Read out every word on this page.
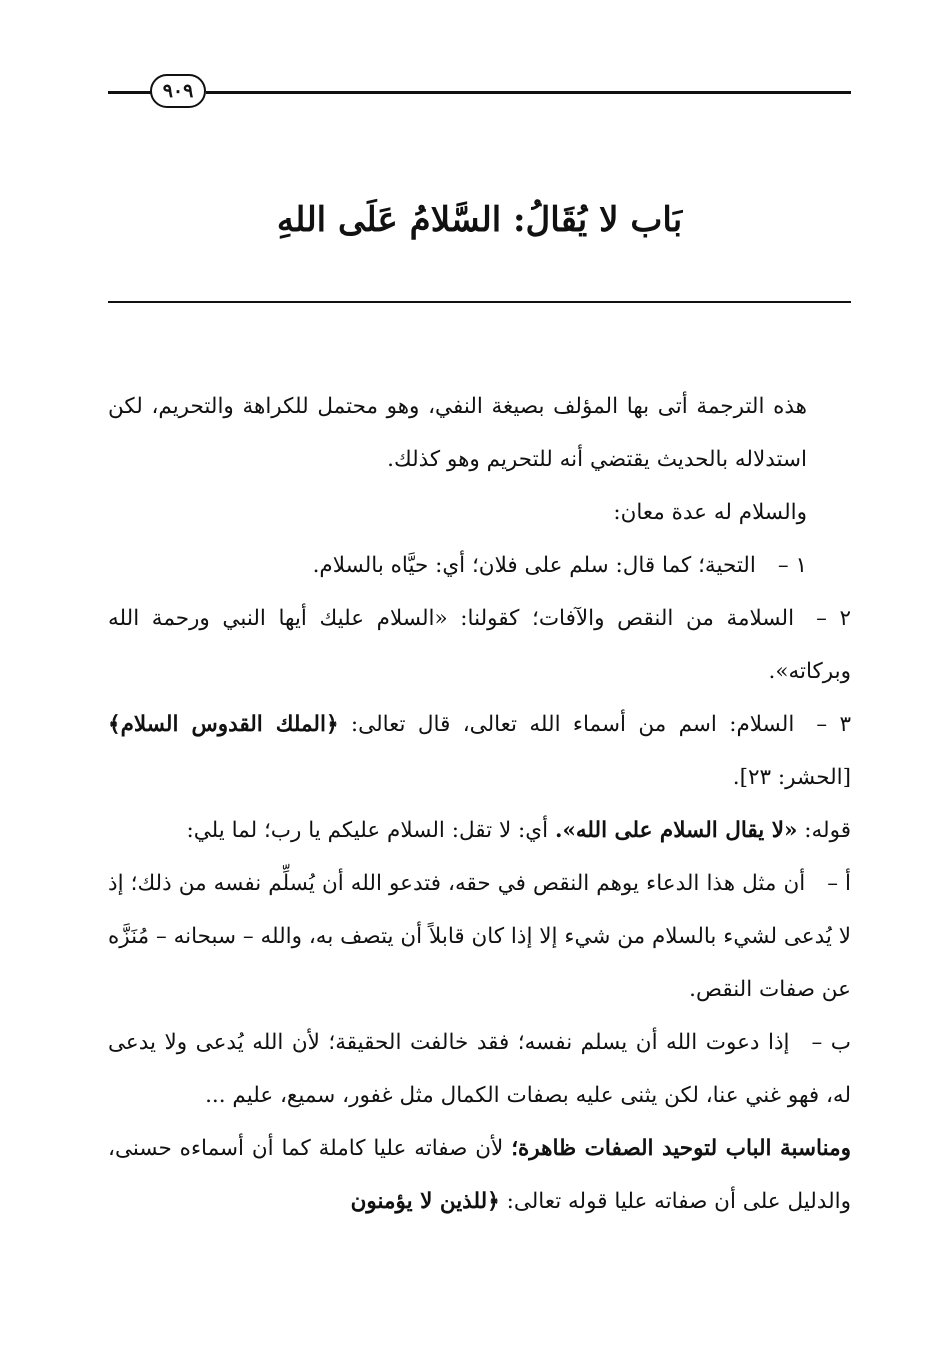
٩٠٩
بَاب لا يُقَالُ: السَّلامُ عَلَى اللهِ

هذه الترجمة أتى بها المؤلف بصيغة النفي، وهو محتمل للكراهة والتحريم، لكن استدلاله بالحديث يقتضي أنه للتحريم وهو كذلك.

والسلام له عدة معان:

١ –التحية؛ كما قال: سلم على فلان؛ أي: حيَّاه بالسلام.

٢ –السلامة من النقص والآفات؛ كقولنا: «السلام عليك أيها النبي ورحمة الله وبركاته».

٣ –السلام: اسم من أسماء الله تعالى، قال تعالى: ﴿الملك القدوس السلام﴾ [الحشر: ٢٣].

قوله: «لا يقال السلام على الله». أي: لا تقل: السلام عليكم يا رب؛ لما يلي:

أ –أن مثل هذا الدعاء يوهم النقص في حقه، فتدعو الله أن يُسلِّم نفسه من ذلك؛ إذ لا يُدعى لشيء بالسلام من شيء إلا إذا كان قابلاً أن يتصف به، والله – سبحانه – مُنَزَّه عن صفات النقص.

ب –إذا دعوت الله أن يسلم نفسه؛ فقد خالفت الحقيقة؛ لأن الله يُدعى ولا يدعى له، فهو غني عنا، لكن يثنى عليه بصفات الكمال مثل غفور، سميع، عليم ...

ومناسبة الباب لتوحيد الصفات ظاهرة؛ لأن صفاته عليا كاملة كما أن أسماءه حسنى، والدليل على أن صفاته عليا قوله تعالى: ﴿للذين لا يؤمنون
